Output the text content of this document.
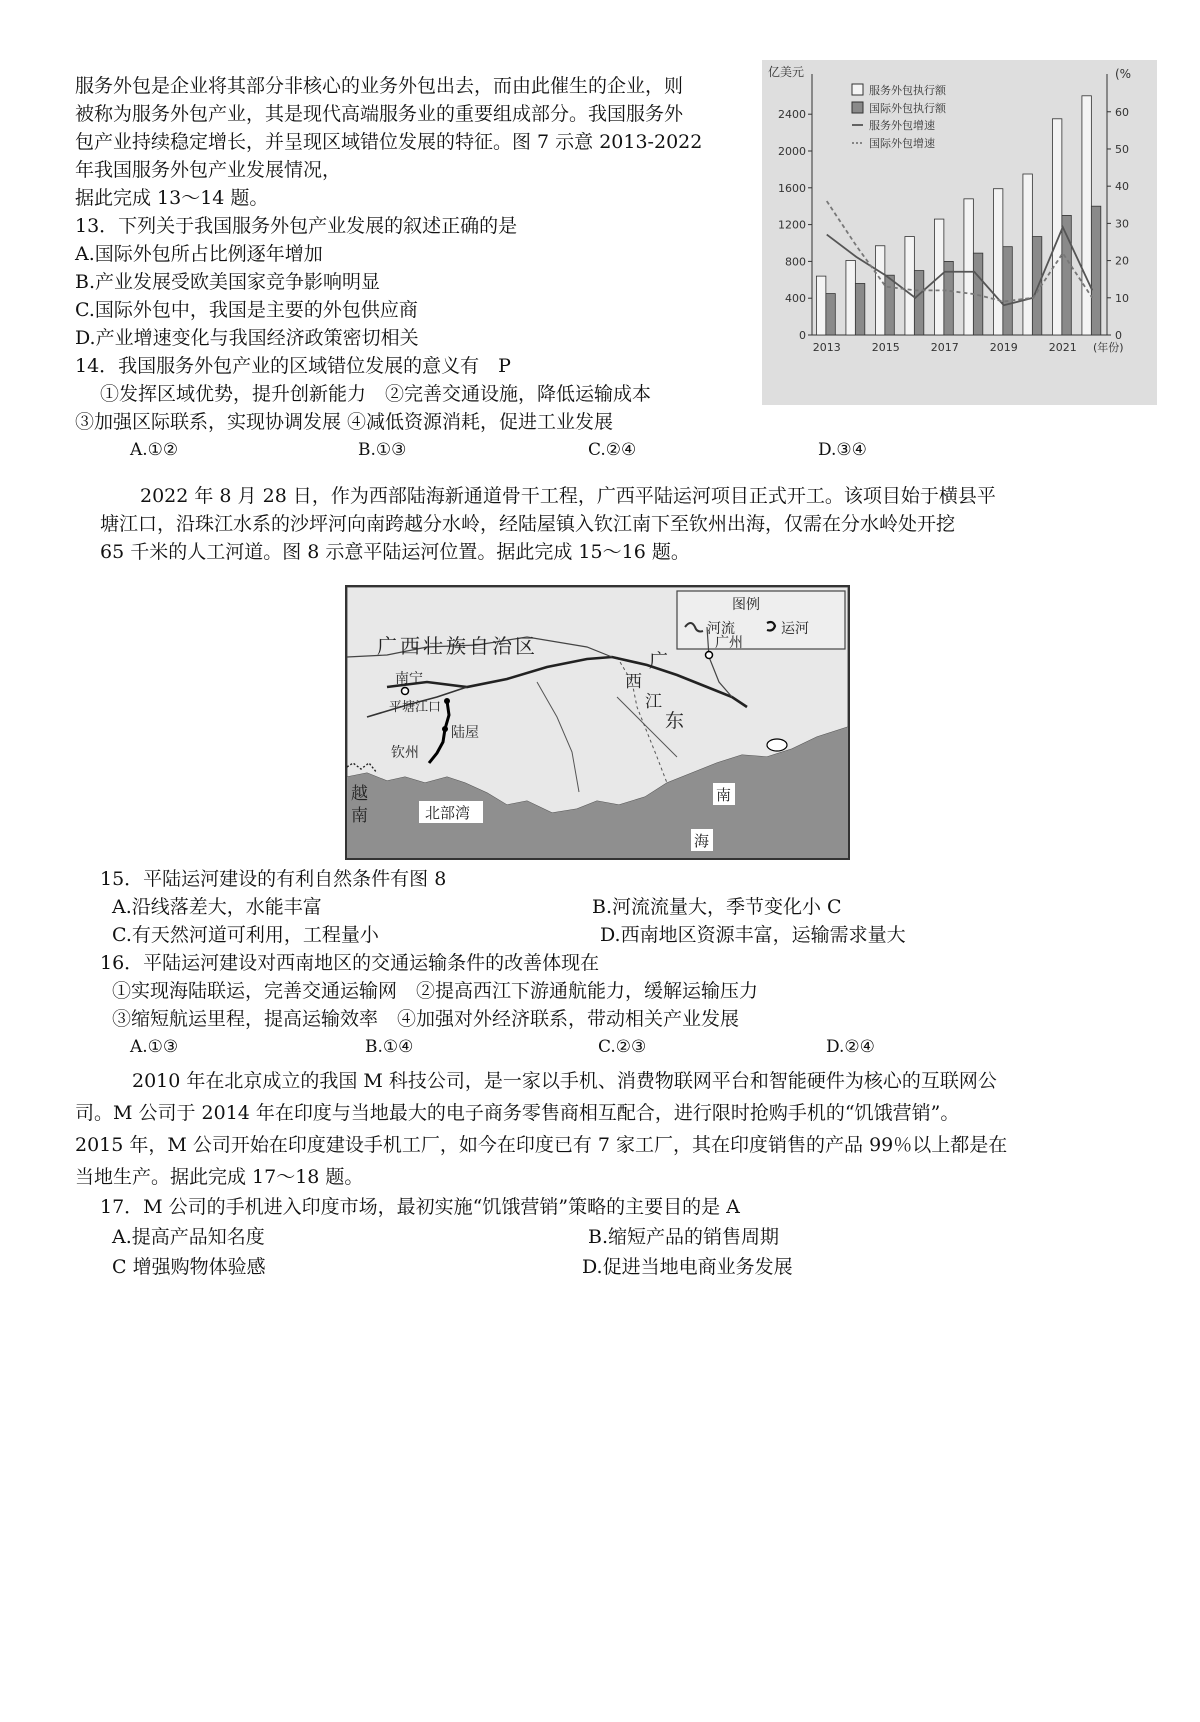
服务外包是企业将其部分非核心的业务外包出去，而由此催生的企业，则
被称为服务外包产业，其是现代高端服务业的重要组成部分。我国服务外
包产业持续稳定增长，并呈现区域错位发展的特征。图 7 示意 2013-2022
年我国服务外包产业发展情况，
据此完成 13～14 题。
13．下列关于我国服务外包产业发展的叙述正确的是
A.国际外包所占比例逐年增加
B.产业发展受欧美国家竞争影响明显
C.国际外包中，我国是主要的外包供应商
D.产业增速变化与我国经济政策密切相关
14．我国服务外包产业的区域错位发展的意义有　P
①发挥区域优势，提升创新能力　②完善交通设施，降低运输成本
③加强区际联系，实现协调发展 ④减低资源消耗，促进工业发展
A.①②	B.①③	C.②④	D.③④
亿美元	(%
0
400
800
1200
1600
2000
2400
0
10
20
30
40
50
60
2013	2015	2017	2019	2021 (年份)
服务外包执行额
国际外包执行额
服务外包增速
国际外包增速
2022 年 8 月 28 日，作为西部陆海新通道骨干工程，广西平陆运河项目正式开工。该项目始于横县平
塘江口，沿珠江水系的沙坪河向南跨越分水岭，经陆屋镇入钦江南下至钦州出海，仅需在分水岭处开挖
65 千米的人工河道。图 8 示意平陆运河位置。据此完成 15～16 题。
图例
河流	运河
广西壮族自治区
广
东
西
江
广州
南宁
平塘江口
陆屋
钦州
越
南	北部湾
南
海
15．平陆运河建设的有利自然条件有图 8
A.沿线落差大，水能丰富	B.河流流量大，季节变化小 C
C.有天然河道可利用，工程量小	D.西南地区资源丰富，运输需求量大
16．平陆运河建设对西南地区的交通运输条件的改善体现在
①实现海陆联运，完善交通运输网　②提高西江下游通航能力，缓解运输压力
③缩短航运里程，提高运输效率　④加强对外经济联系，带动相关产业发展
A.①③	B.①④	C.②③	D.②④
2010 年在北京成立的我国 M 科技公司，是一家以手机、消费物联网平台和智能硬件为核心的互联网公
司。M 公司于 2014 年在印度与当地最大的电子商务零售商相互配合，进行限时抢购手机的“饥饿营销”。
2015 年，M 公司开始在印度建设手机工厂，如今在印度已有 7 家工厂，其在印度销售的产品 99％以上都是在
当地生产。据此完成 17～18 题。
17．M 公司的手机进入印度市场，最初实施“饥饿营销”策略的主要目的是 A
A.提高产品知名度	B.缩短产品的销售周期
C 增强购物体验感	D.促进当地电商业务发展
